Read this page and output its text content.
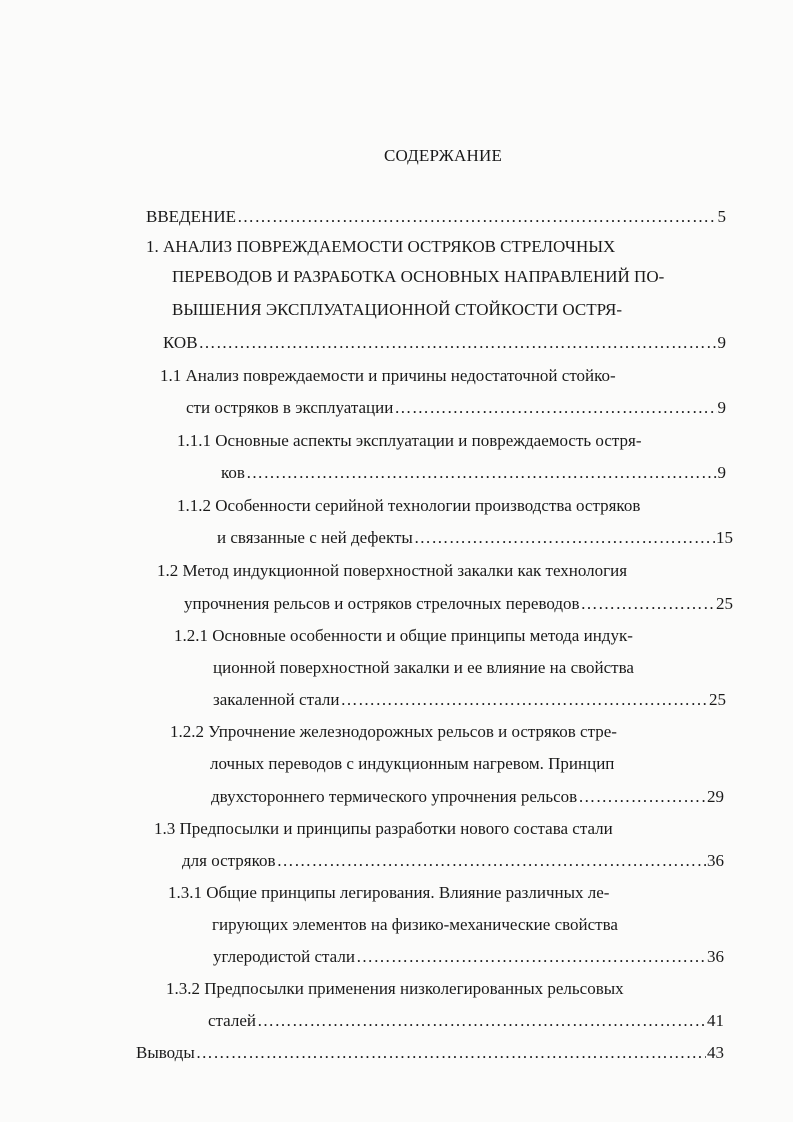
СОДЕРЖАНИЕ
ВВЕДЕНИЕ …………………………………………………………………………………………………………………………………………………………	5
1. АНАЛИЗ ПОВРЕЖДАЕМОСТИ ОСТРЯКОВ СТРЕЛОЧНЫХ
ПЕРЕВОДОВ И РАЗРАБОТКА ОСНОВНЫХ НАПРАВЛЕНИЙ ПО-
ВЫШЕНИЯ ЭКСПЛУАТАЦИОННОЙ СТОЙКОСТИ ОСТРЯ-
КОВ …………………………………………………………………………………………………………………………………………………………	9
1.1 Анализ повреждаемости и причины недостаточной стойко-
сти остряков в эксплуатации …………………………………………………………………………………………………………………………………………………………	9
1.1.1 Основные аспекты эксплуатации и повреждаемость остря-
ков …………………………………………………………………………………………………………………………………………………………	9
1.1.2 Особенности серийной технологии производства остряков
и связанные с ней дефекты …………………………………………………………………………………………………………………………………………………………	15
1.2 Метод индукционной поверхностной закалки как технология
упрочнения рельсов и остряков стрелочных переводов …………………………………………………………………………………………………………………………………………………………	25
1.2.1 Основные особенности и общие принципы метода индук-
ционной поверхностной закалки и ее влияние на свойства
закаленной стали …………………………………………………………………………………………………………………………………………………………	25
1.2.2 Упрочнение железнодорожных рельсов и остряков стре-
лочных переводов с индукционным нагревом. Принцип
двухстороннего термического упрочнения рельсов …………………………………………………………………………………………………………………………………………………………	29
1.3 Предпосылки и принципы разработки нового состава стали
для остряков …………………………………………………………………………………………………………………………………………………………	36
1.3.1 Общие принципы легирования. Влияние различных ле-
гирующих элементов на физико-механические свойства
углеродистой стали …………………………………………………………………………………………………………………………………………………………	36
1.3.2 Предпосылки применения низколегированных рельсовых
сталей …………………………………………………………………………………………………………………………………………………………	41
Выводы …………………………………………………………………………………………………………………………………………………………	43
